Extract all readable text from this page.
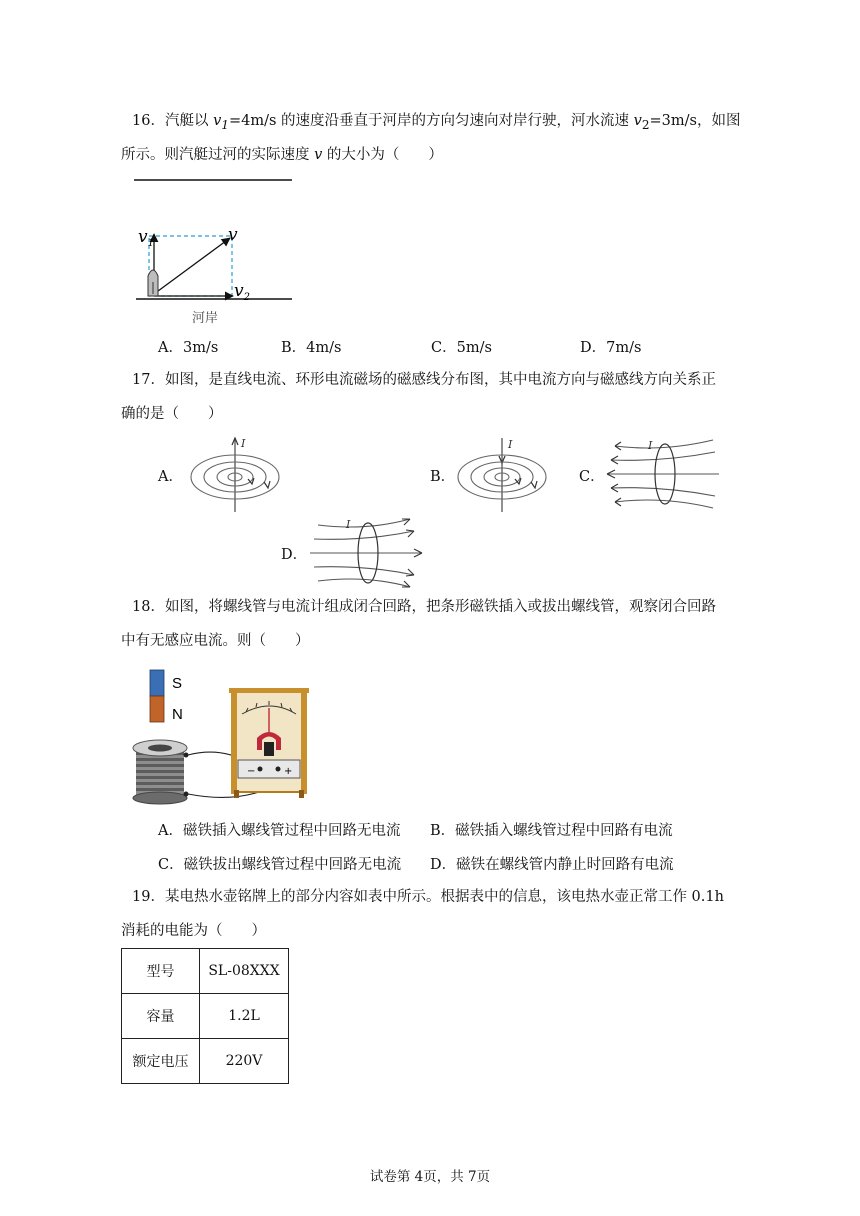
16．汽艇以 $v_1=4m/s$ 的速度沿垂直于河岸的方向匀速向对岸行驶，河水流速 $v_2=3m/s$，如图
所示。则汽艇过河的实际速度 v 的大小为（　　）
$v_1$	v
$v_2$
河岸
A．3m/s	B．4m/s	C．5m/s	D．7m/s
17．如图，是直线电流、环形电流磁场的磁感线分布图，其中电流方向与磁感线方向关系正
确的是（　　）
A．
I
B．
I
C．
I
D．
I
18．如图，将螺线管与电流计组成闭合回路，把条形磁铁插入或拔出螺线管，观察闭合回路
中有无感应电流。则（　　）
S
N
−	+
A．磁铁插入螺线管过程中回路无电流 B．磁铁插入螺线管过程中回路有电流
C．磁铁拔出螺线管过程中回路无电流 D．磁铁在螺线管内静止时回路有电流
19．某电热水壶铭牌上的部分内容如表中所示。根据表中的信息，该电热水壶正常工作 0.1h
消耗的电能为（　　）
型号	SL-08XXX
容量	1.2L
额定电压	220V
试卷第 4页，共 7页
